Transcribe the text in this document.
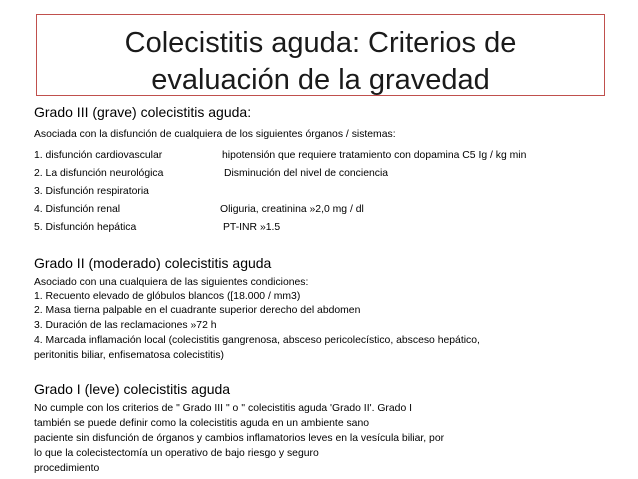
Colecistitis aguda: Criterios de
evaluación de la gravedad
Grado III (grave) colecistitis aguda:
Asociada con la disfunción de cualquiera de los siguientes órganos / sistemas:
1. disfunción cardiovascular	hipotensión que requiere tratamiento con dopamina C5 Ig / kg min
2. La disfunción neurológica	Disminución del nivel de conciencia
3. Disfunción respiratoria
4. Disfunción renal	Oliguria, creatinina »2,0 mg / dl
5. Disfunción hepática	PT-INR »1.5
Grado II (moderado) colecistitis aguda
Asociado con una cualquiera de las siguientes condiciones:
1. Recuento elevado de glóbulos blancos ([18.000 / mm3)
2. Masa tierna palpable en el cuadrante superior derecho del abdomen
3. Duración de las reclamaciones »72 h
4. Marcada inflamación local (colecistitis gangrenosa, absceso pericolecístico, absceso hepático,
peritonitis biliar, enfisematosa colecistitis)
Grado I (leve) colecistitis aguda
No cumple con los criterios de " Grado III " o '' colecistitis aguda 'Grado II'. Grado I
también se puede definir como la colecistitis aguda en un ambiente sano
paciente sin disfunción de órganos y cambios inflamatorios leves en la vesícula biliar, por
lo que la colecistectomía un operativo de bajo riesgo y seguro
procedimiento
